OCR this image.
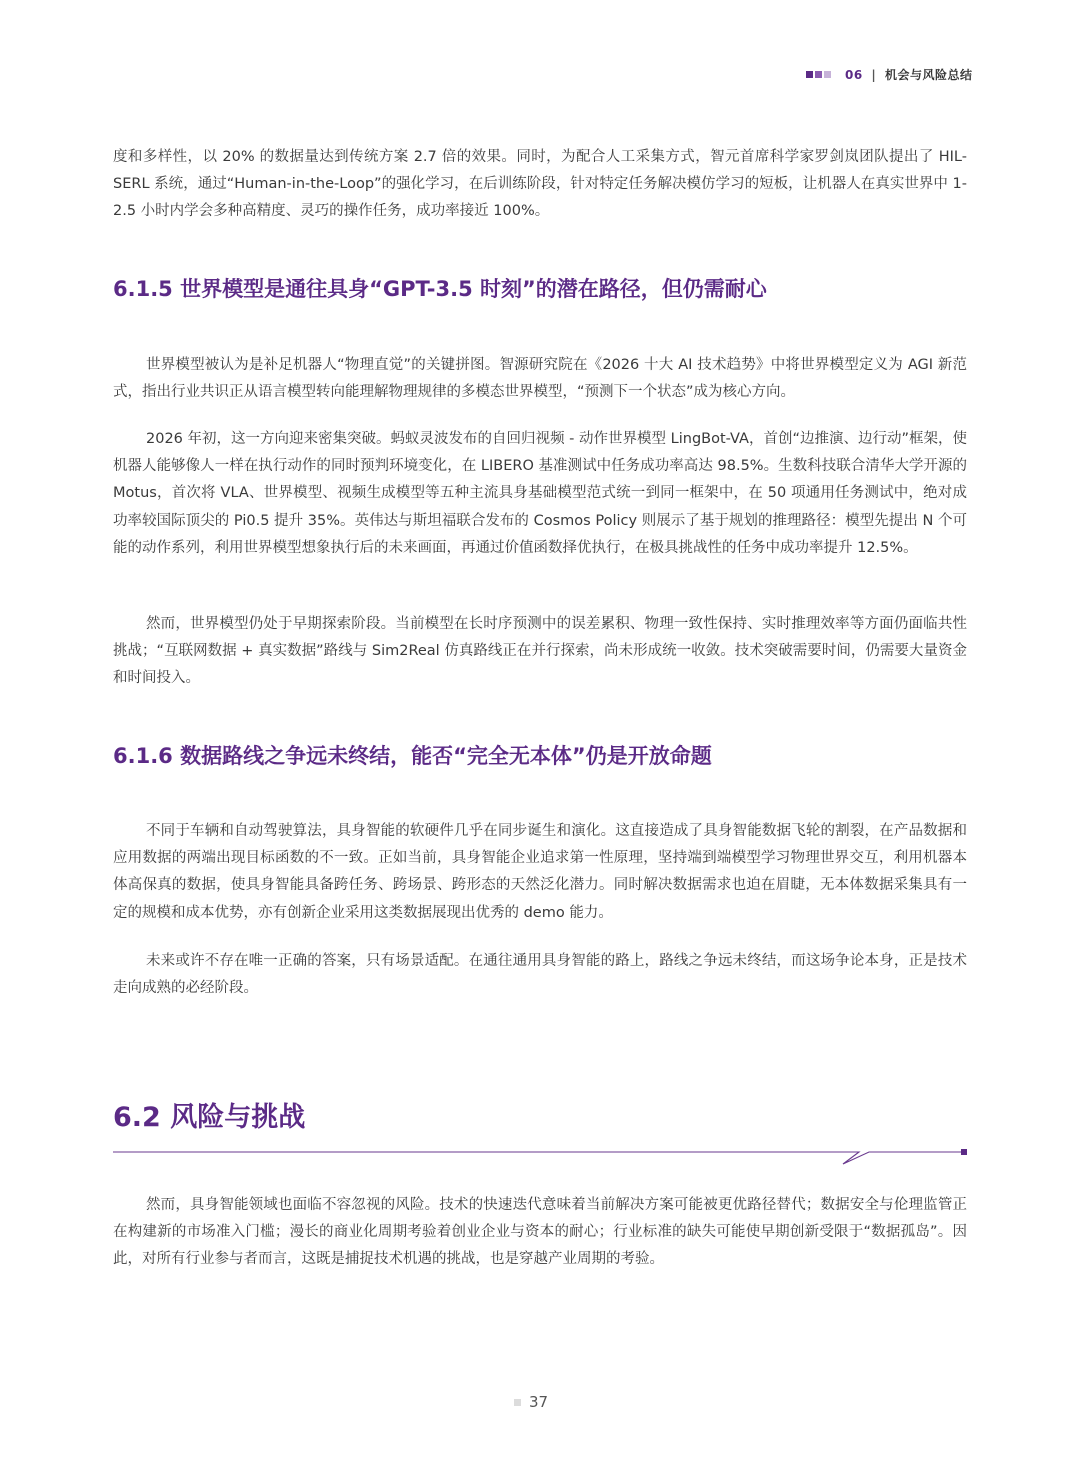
06 | 机会与风险总结

度和多样性，以 20% 的数据量达到传统方案 2.7 倍的效果。同时，为配合人工采集方式，智元首席科学家罗剑岚团队提出了 HIL-SERL 系统，通过“Human-in-the-Loop”的强化学习，在后训练阶段，针对特定任务解决模仿学习的短板，让机器人在真实世界中 1-2.5 小时内学会多种高精度、灵巧的操作任务，成功率接近 100%。

6.1.5 世界模型是通往具身“GPT-3.5 时刻”的潜在路径，但仍需耐心

世界模型被认为是补足机器人“物理直觉”的关键拼图。智源研究院在《2026 十大 AI 技术趋势》中将世界模型定义为 AGI 新范式，指出行业共识正从语言模型转向能理解物理规律的多模态世界模型，“预测下一个状态”成为核心方向。

2026 年初，这一方向迎来密集突破。蚂蚁灵波发布的自回归视频 - 动作世界模型 LingBot-VA，首创“边推演、边行动”框架，使机器人能够像人一样在执行动作的同时预判环境变化，在 LIBERO 基准测试中任务成功率高达 98.5%。生数科技联合清华大学开源的 Motus，首次将 VLA、世界模型、视频生成模型等五种主流具身基础模型范式统一到同一框架中，在 50 项通用任务测试中，绝对成功率较国际顶尖的 Pi0.5 提升 35%。英伟达与斯坦福联合发布的 Cosmos Policy 则展示了基于规划的推理路径：模型先提出 N 个可能的动作系列，利用世界模型想象执行后的未来画面，再通过价值函数择优执行，在极具挑战性的任务中成功率提升 12.5%。

然而，世界模型仍处于早期探索阶段。当前模型在长时序预测中的误差累积、物理一致性保持、实时推理效率等方面仍面临共性挑战；“互联网数据 + 真实数据”路线与 Sim2Real 仿真路线正在并行探索，尚未形成统一收敛。技术突破需要时间，仍需要大量资金和时间投入。

6.1.6 数据路线之争远未终结，能否“完全无本体”仍是开放命题

不同于车辆和自动驾驶算法，具身智能的软硬件几乎在同步诞生和演化。这直接造成了具身智能数据飞轮的割裂，在产品数据和应用数据的两端出现目标函数的不一致。正如当前，具身智能企业追求第一性原理，坚持端到端模型学习物理世界交互，利用机器本体高保真的数据，使具身智能具备跨任务、跨场景、跨形态的天然泛化潜力。同时解决数据需求也迫在眉睫，无本体数据采集具有一定的规模和成本优势，亦有创新企业采用这类数据展现出优秀的 demo 能力。

未来或许不存在唯一正确的答案，只有场景适配。在通往通用具身智能的路上，路线之争远未终结，而这场争论本身，正是技术走向成熟的必经阶段。

6.2 风险与挑战

然而，具身智能领域也面临不容忽视的风险。技术的快速迭代意味着当前解决方案可能被更优路径替代；数据安全与伦理监管正在构建新的市场准入门槛；漫长的商业化周期考验着创业企业与资本的耐心；行业标准的缺失可能使早期创新受限于“数据孤岛”。因此，对所有行业参与者而言，这既是捕捉技术机遇的挑战，也是穿越产业周期的考验。

37
